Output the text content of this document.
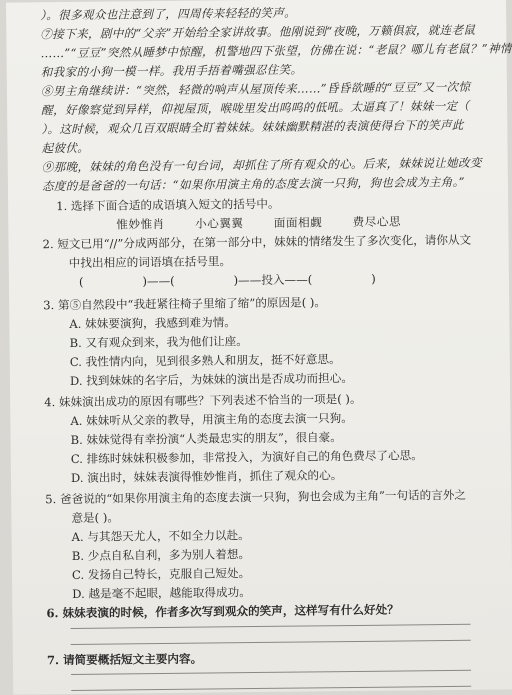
）。很多观众也注意到了，四周传来轻轻的笑声。
⑦接下来，剧中的“父亲”开始给全家讲故事。他刚说到“夜晚，万籁俱寂，就连老鼠
……”“豆豆”突然从睡梦中惊醒，机警地四下张望，仿佛在说：“老鼠？哪儿有老鼠？”神情
和我家的小狗一模一样。我用手捂着嘴强忍住笑。
⑧男主角继续讲：“突然，轻微的响声从屋顶传来……”昏昏欲睡的“豆豆”又一次惊
醒，好像察觉到异样，仰视屋顶，喉咙里发出呜呜的低吼。太逼真了！妹妹一定（
）。这时候，观众几百双眼睛全盯着妹妹。妹妹幽默精湛的表演使得台下的笑声此
起彼伏。
⑨那晚，妹妹的角色没有一句台词，却抓住了所有观众的心。后来，妹妹说让她改变
态度的是爸爸的一句话：“如果你用演主角的态度去演一只狗，狗也会成为主角。”
1. 选择下面合适的成语填入短文的括号中。
惟妙惟肖	小心翼翼	面面相觑	费尽心思
2. 短文已用“//”分成两部分，在第一部分中，妹妹的情绪发生了多次变化，请你从文
中找出相应的词语填在括号里。
(                )——(                )——投入——(                )
3. 第⑤自然段中“我赶紧往椅子里缩了缩”的原因是( )。
A. 妹妹要演狗，我感到难为情。
B. 又有观众到来，我为他们让座。
C. 我性情内向，见到很多熟人和朋友，挺不好意思。
D. 找到妹妹的名字后，为妹妹的演出是否成功而担心。
4. 妹妹演出成功的原因有哪些？下列表述不恰当的一项是( )。
A. 妹妹听从父亲的教导，用演主角的态度去演一只狗。
B. 妹妹觉得有幸扮演“人类最忠实的朋友”，很自豪。
C. 排练时妹妹积极参加，非常投入，为演好自己的角色费尽了心思。
D. 演出时，妹妹表演得惟妙惟肖，抓住了观众的心。
5. 爸爸说的“如果你用演主角的态度去演一只狗，狗也会成为主角”一句话的言外之
意是( )。
A. 与其怨天尤人，不如全力以赴。
B. 少点自私自利，多为别人着想。
C. 发扬自己特长，克服自己短处。
D. 越是毫不起眼，越能取得成功。
6. 妹妹表演的时候，作者多次写到观众的笑声，这样写有什么好处？
7. 请简要概括短文主要内容。
